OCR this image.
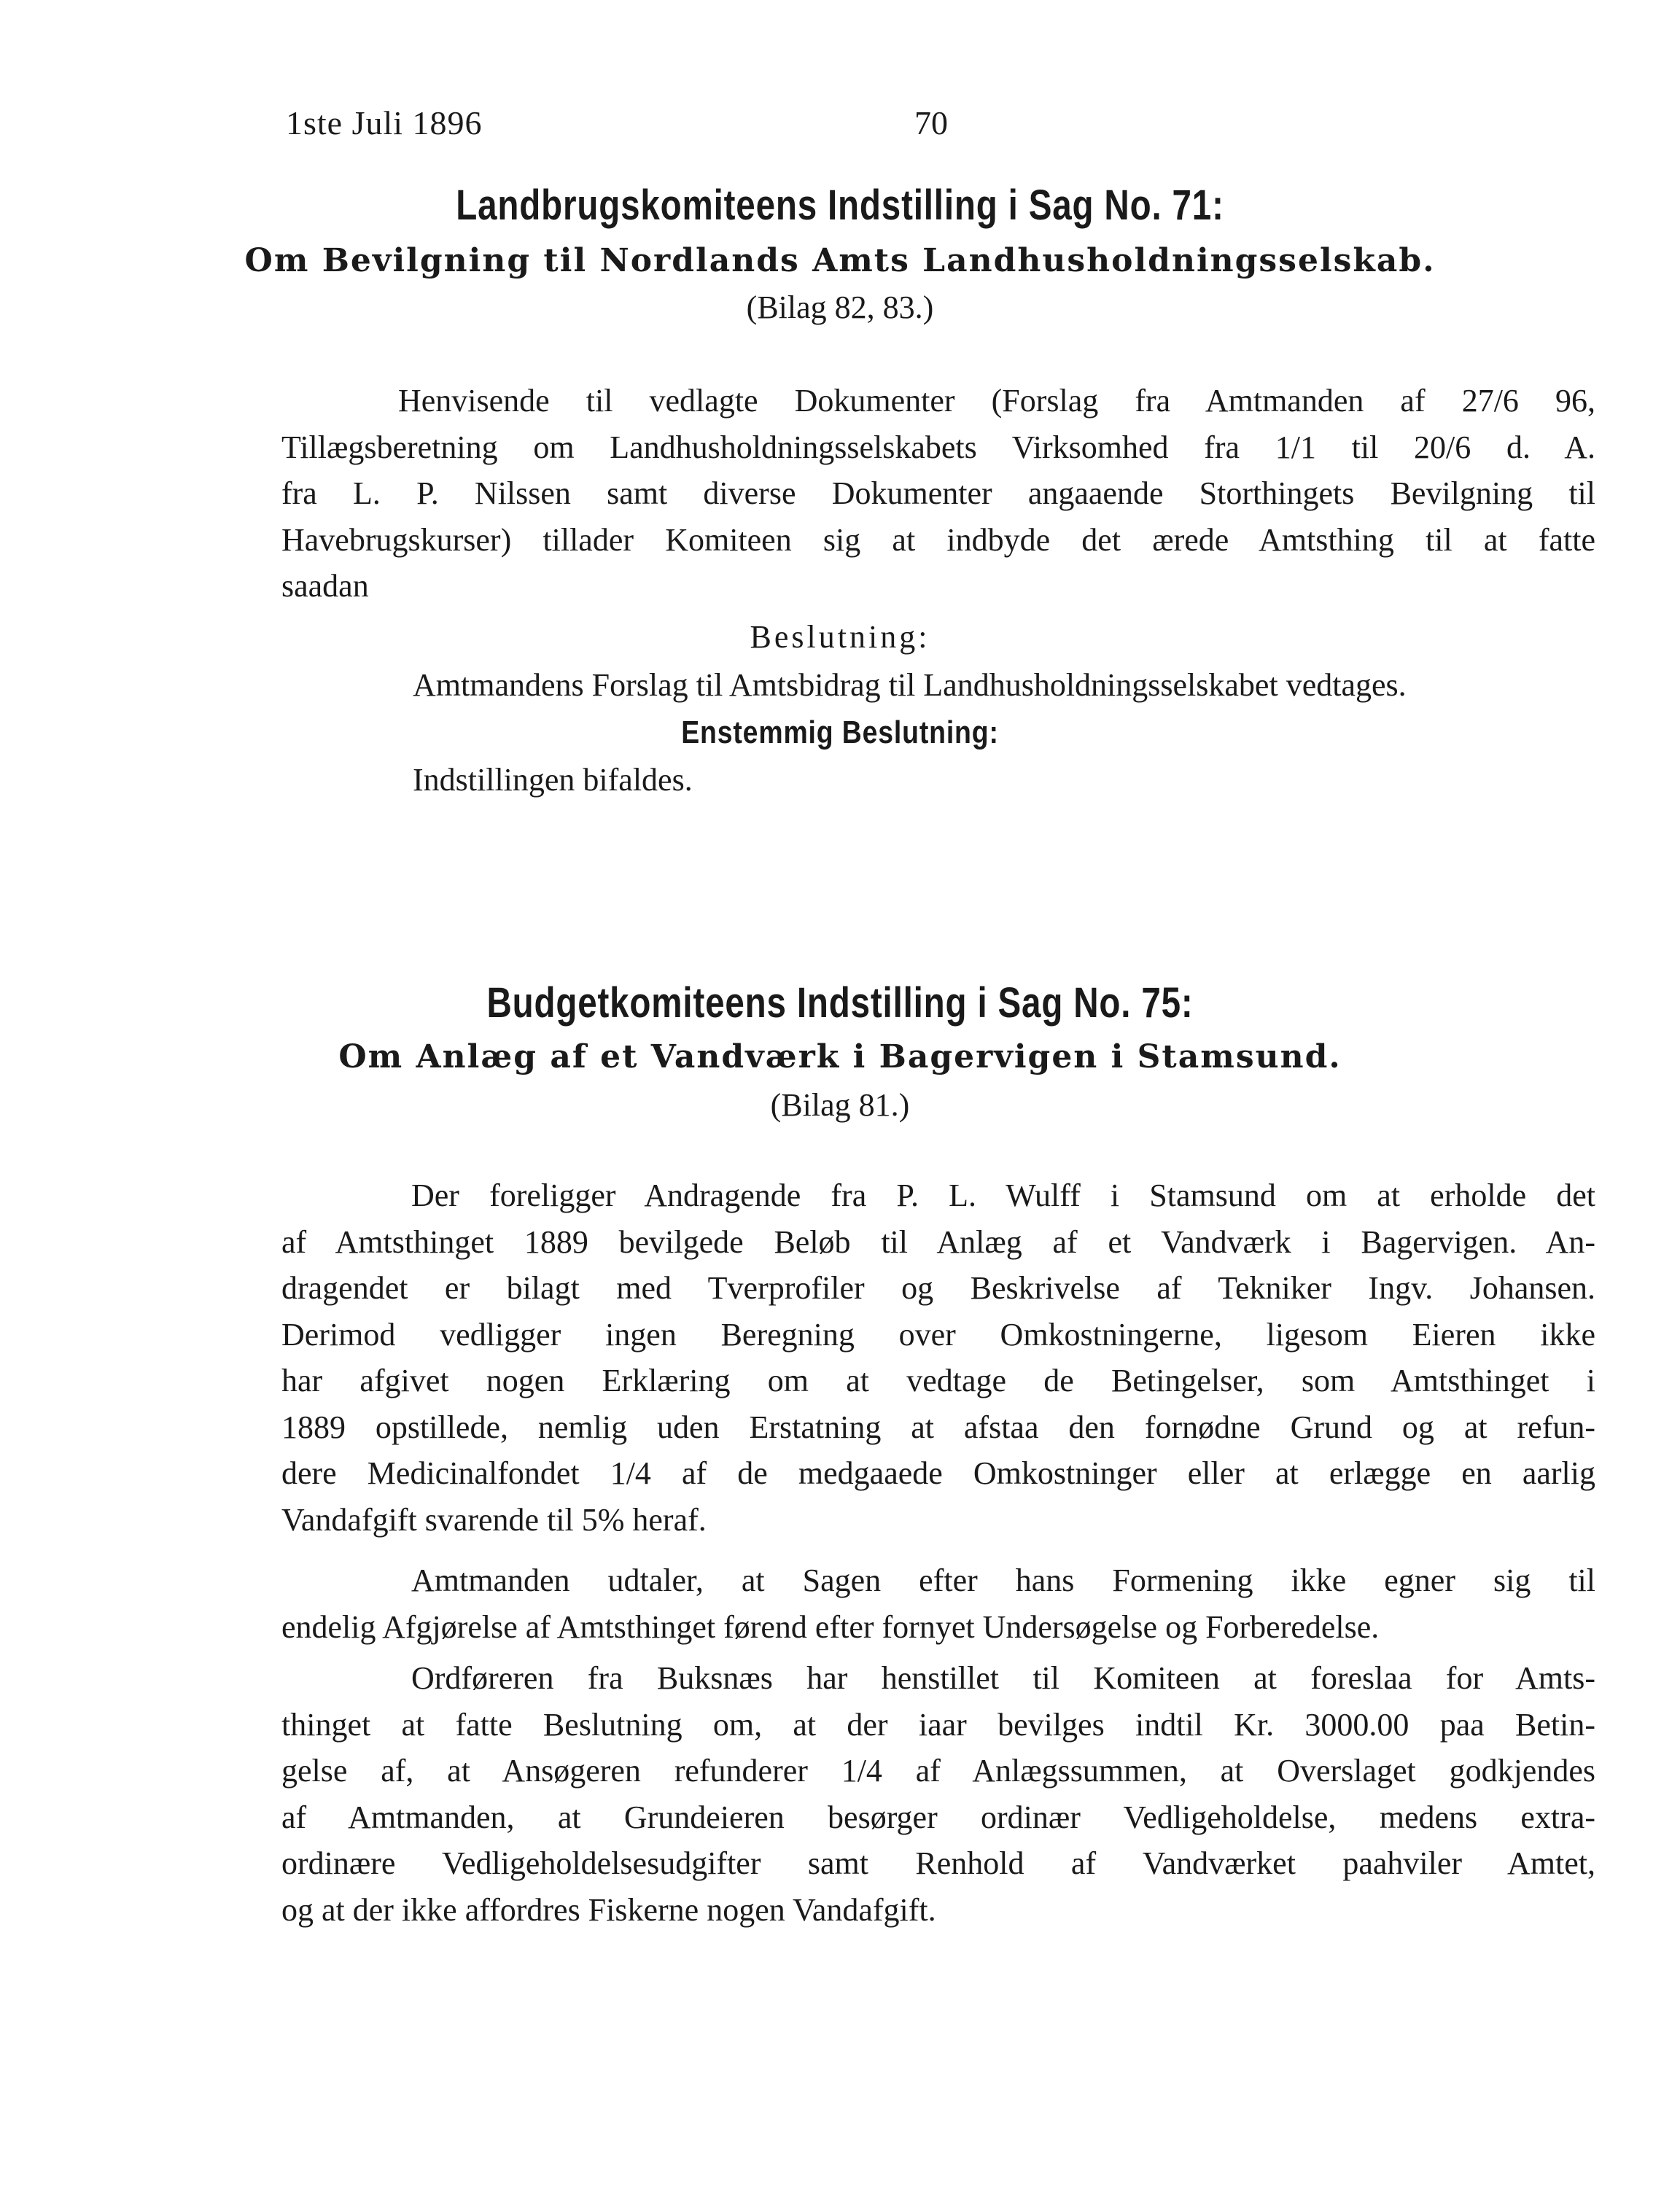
1ste Juli 1896	70
Landbrugskomiteens Indstilling i Sag No. 71:
Om Bevilgning til Nordlands Amts Landhusholdningsselskab.
(Bilag 82, 83.)
Henvisende til vedlagte Dokumenter (Forslag fra Amtmanden af 27/6 96,
Tillægsberetning om Landhusholdningsselskabets Virksomhed fra 1/1 til 20/6 d. A.
fra L. P. Nilssen samt diverse Dokumenter angaaende Storthingets Bevilgning til
Havebrugskurser) tillader Komiteen sig at indbyde det ærede Amtsthing til at fatte
saadan
Beslutning:
Amtmandens Forslag til Amtsbidrag til Landhusholdningsselskabet vedtages.
Enstemmig Beslutning:
Indstillingen bifaldes.
Budgetkomiteens Indstilling i Sag No. 75:
Om Anlæg af et Vandværk i Bagervigen i Stamsund.
(Bilag 81.)
Der foreligger Andragende fra P. L. Wulff i Stamsund om at erholde det
af Amtsthinget 1889 bevilgede Beløb til Anlæg af et Vandværk i Bagervigen. An-
dragendet er bilagt med Tverprofiler og Beskrivelse af Tekniker Ingv. Johansen.
Derimod vedligger ingen Beregning over Omkostningerne, ligesom Eieren ikke
har afgivet nogen Erklæring om at vedtage de Betingelser, som Amtsthinget i
1889 opstillede, nemlig uden Erstatning at afstaa den fornødne Grund og at refun-
dere Medicinalfondet 1/4 af de medgaaede Omkostninger eller at erlægge en aarlig
Vandafgift svarende til 5% heraf.
Amtmanden udtaler, at Sagen efter hans Formening ikke egner sig til
endelig Afgjørelse af Amtsthinget førend efter fornyet Undersøgelse og Forberedelse.
Ordføreren fra Buksnæs har henstillet til Komiteen at foreslaa for Amts-
thinget at fatte Beslutning om, at der iaar bevilges indtil Kr. 3000.00 paa Betin-
gelse af, at Ansøgeren refunderer 1/4 af Anlægssummen, at Overslaget godkjendes
af Amtmanden, at Grundeieren besørger ordinær Vedligeholdelse, medens extra-
ordinære Vedligeholdelsesudgifter samt Renhold af Vandværket paahviler Amtet,
og at der ikke affordres Fiskerne nogen Vandafgift.
